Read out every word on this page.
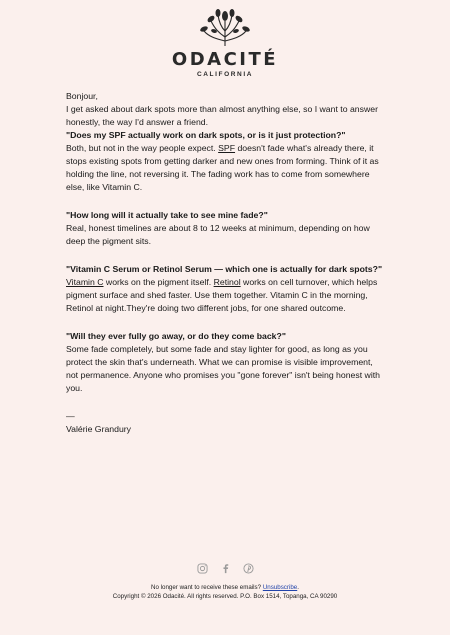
ODACITÉ
CALIFORNIA

Bonjour,

I get asked about dark spots more than almost anything else, so I want to answer honestly, the way I'd answer a friend.

"Does my SPF actually work on dark spots, or is it just protection?"

Both, but not in the way people expect. SPF doesn't fade what's already there, it stops existing spots from getting darker and new ones from forming. Think of it as holding the line, not reversing it. The fading work has to come from somewhere else, like Vitamin C.

"How long will it actually take to see mine fade?"

Real, honest timelines are about 8 to 12 weeks at minimum, depending on how deep the pigment sits.

"Vitamin C Serum or Retinol Serum — which one is actually for dark spots?"

Vitamin C works on the pigment itself. Retinol works on cell turnover, which helps pigment surface and shed faster. Use them together. Vitamin C in the morning, Retinol at night.They're doing two different jobs, for one shared outcome.

"Will they ever fully go away, or do they come back?"

Some fade completely, but some fade and stay lighter for good, as long as you protect the skin that's underneath. What we can promise is visible improvement, not permanence. Anyone who promises you "gone forever" isn't being honest with you.

—

Valérie Grandury

No longer want to receive these emails? Unsubscribe.
Copyright © 2026 Odacité. All rights reserved. P.O. Box 1514, Topanga, CA 90290
